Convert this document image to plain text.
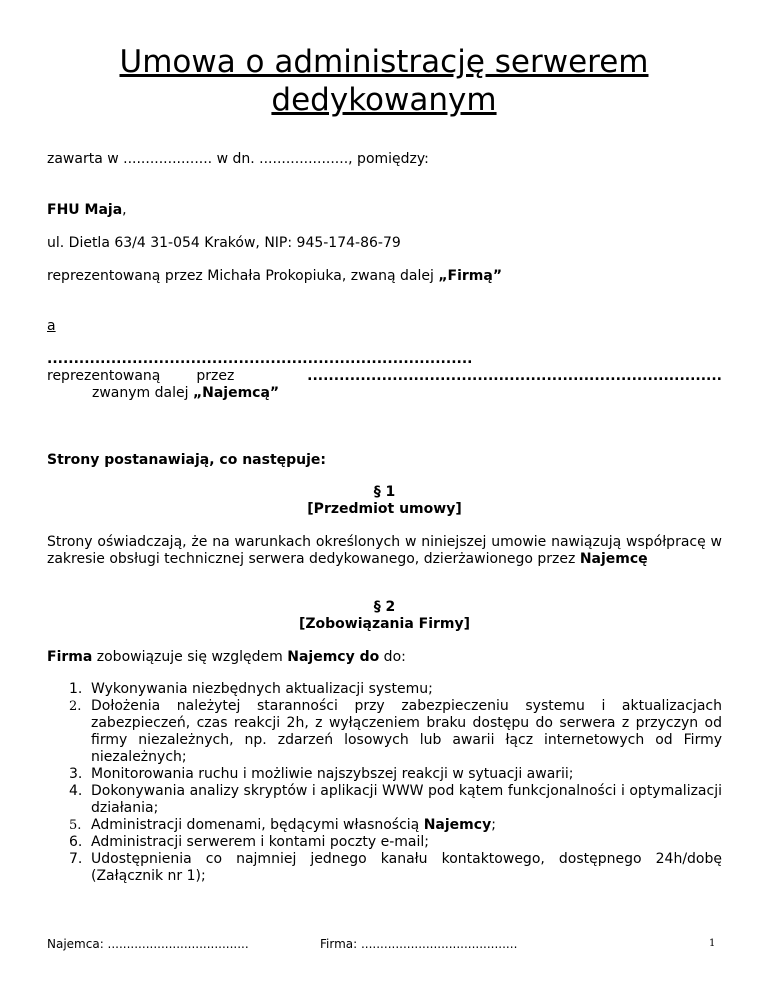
Umowa o administrację serwerem
dedykowanym

zawarta w .................... w dn. ...................., pomiędzy:

FHU Maja,

ul. Dietla 63/4 31-054 Kraków, NIP: 945-174-86-79

reprezentowaną przez Michała Prokopiuka, zwaną dalej „Firmą”

a

................................................................................

reprezentowaną	przez	..............................................................................

zwanym dalej „Najemcą”

Strony postanawiają, co następuje:

§ 1

[Przedmiot umowy]

Strony oświadczają, że na warunkach określonych w niniejszej umowie nawiązują współpracę w zakresie obsługi technicznej serwera dedykowanego, dzierżawionego przez Najemcę

§ 2

[Zobowiązania Firmy]

Firma zobowiązuje się względem Najemcy do do:

1. Wykonywania niezbędnych aktualizacji systemu;
2. Dołożenia należytej staranności przy zabezpieczeniu systemu i aktualizacjach zabezpieczeń, czas reakcji 2h, z wyłączeniem braku dostępu do serwera z przyczyn od firmy niezależnych, np. zdarzeń losowych lub awarii łącz internetowych od Firmy niezależnych;
3. Monitorowania ruchu i możliwie najszybszej reakcji w sytuacji awarii;
4. Dokonywania analizy skryptów i aplikacji WWW pod kątem funkcjonalności i optymalizacji działania;
5. Administracji domenami, będącymi własnością Najemcy;
6. Administracji serwerem i kontami poczty e-mail;
7. Udostępnienia co najmniej jednego kanału kontaktowego, dostępnego 24h/dobę (Załącznik nr 1);
Najemca: .....................................	Firma: .........................................	1
